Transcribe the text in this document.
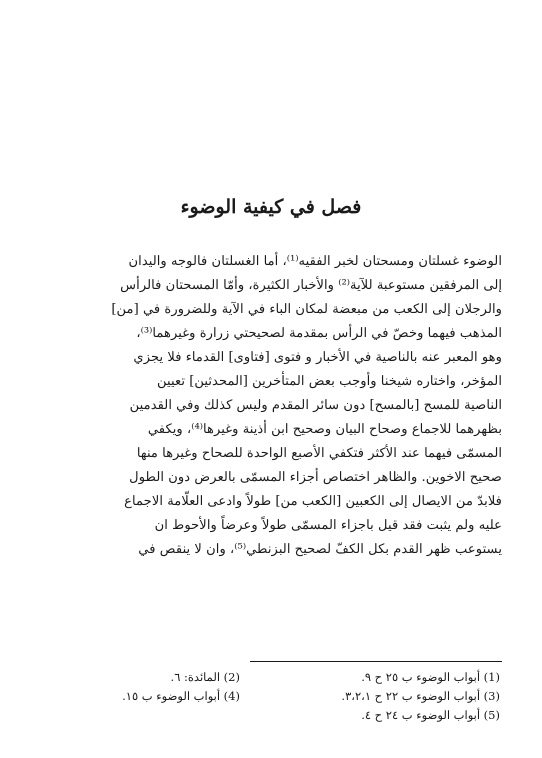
فصل في كيفية الوضوء
الوضوء غسلتان ومسحتان لخبر الفقيه⁽¹⁾، أما الغسلتان فالوجه واليدان
إلى المرفقين مستوعبة للآية⁽²⁾ والأخبار الكثيرة، وأمّا المسحتان فالرأس
والرجلان إلى الكعب من مبعضة لمكان الباء في الآية وللضرورة في [من]
المذهب فيهما وخصّ في الرأس بمقدمة لصحيحتي زرارة وغيرهما⁽³⁾،
وهو المعبر عنه بالناصية في الأخبار و فتوى [فتاوى] القدماء فلا يجزي
المؤخر، واختاره شيخنا وأوجب بعض المتأخرين [المحدثين] تعيين
الناصية للمسح [بالمسح] دون سائر المقدم وليس كذلك وفي القدمين
بظهرهما للاجماع وصحاح البيان وصحيح ابن أذينة وغيرها⁽⁴⁾، ويكفي
المسمّى فيهما عند الأكثر فتكفي الأصبع الواحدة للصحاح وغيرها منها
صحيح الاخوين. والظاهر اختصاص أجزاء المسمّى بالعرض دون الطول
فلابدّ من الايصال إلى الكعبين [الكعب من] طولاً وادعى العلّامة الاجماع
عليه ولم يثبت فقد قيل باجزاء المسمّى طولاً وعرضاً والأحوط ان
يستوعب ظهر القدم بكل الكفّ لصحيح البزنطي⁽⁵⁾، وان لا ينقص في
(1) أبواب الوضوء ب ٢٥ ح ٩.
(2) المائدة: ٦.
(3) أبواب الوضوء ب ٢٢ ح ٣،٢،١.
(4) أبواب الوضوء ب ١٥.
(5) أبواب الوضوء ب ٢٤ ح ٤.
